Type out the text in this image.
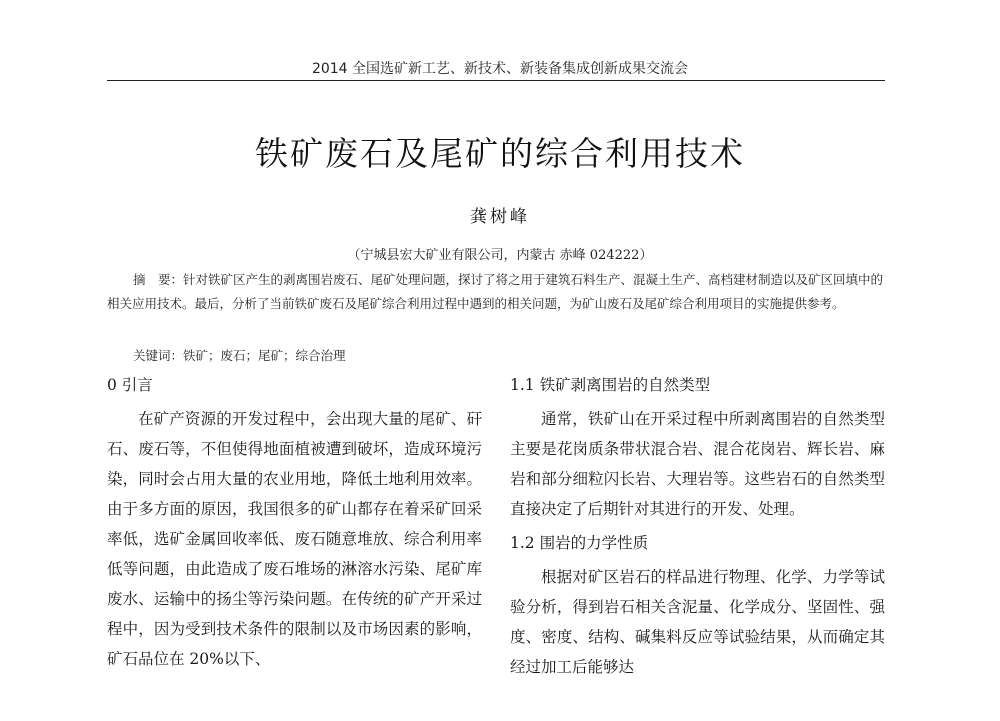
2014 全国选矿新工艺、新技术、新装备集成创新成果交流会
铁矿废石及尾矿的综合利用技术
龚树峰
（宁城县宏大矿业有限公司，内蒙古 赤峰 024222）
摘　要：针对铁矿区产生的剥离围岩废石、尾矿处理问题，探讨了将之用于建筑石料生产、混凝土生产、高档建材制造以及矿区回填中的相关应用技术。最后，分析了当前铁矿废石及尾矿综合利用过程中遇到的相关问题，为矿山废石及尾矿综合利用项目的实施提供参考。
关键词：铁矿；废石；尾矿；综合治理
0 引言

在矿产资源的开发过程中，会出现大量的尾矿、矸石、废石等，不但使得地面植被遭到破坏，造成环境污染，同时会占用大量的农业用地，降低土地利用效率。由于多方面的原因，我国很多的矿山都存在着采矿回采率低，选矿金属回收率低、废石随意堆放、综合利用率低等问题，由此造成了废石堆场的淋溶水污染、尾矿库废水、运输中的扬尘等污染问题。在传统的矿产开采过程中，因为受到技术条件的限制以及市场因素的影响，矿石品位在 20%以下、

1.1 铁矿剥离围岩的自然类型

通常，铁矿山在开采过程中所剥离围岩的自然类型主要是花岗质条带状混合岩、混合花岗岩、辉长岩、麻岩和部分细粒闪长岩、大理岩等。这些岩石的自然类型直接决定了后期针对其进行的开发、处理。

1.2 围岩的力学性质

根据对矿区岩石的样品进行物理、化学、力学等试验分析，得到岩石相关含泥量、化学成分、坚固性、强度、密度、结构、碱集料反应等试验结果，从而确定其经过加工后能够达
